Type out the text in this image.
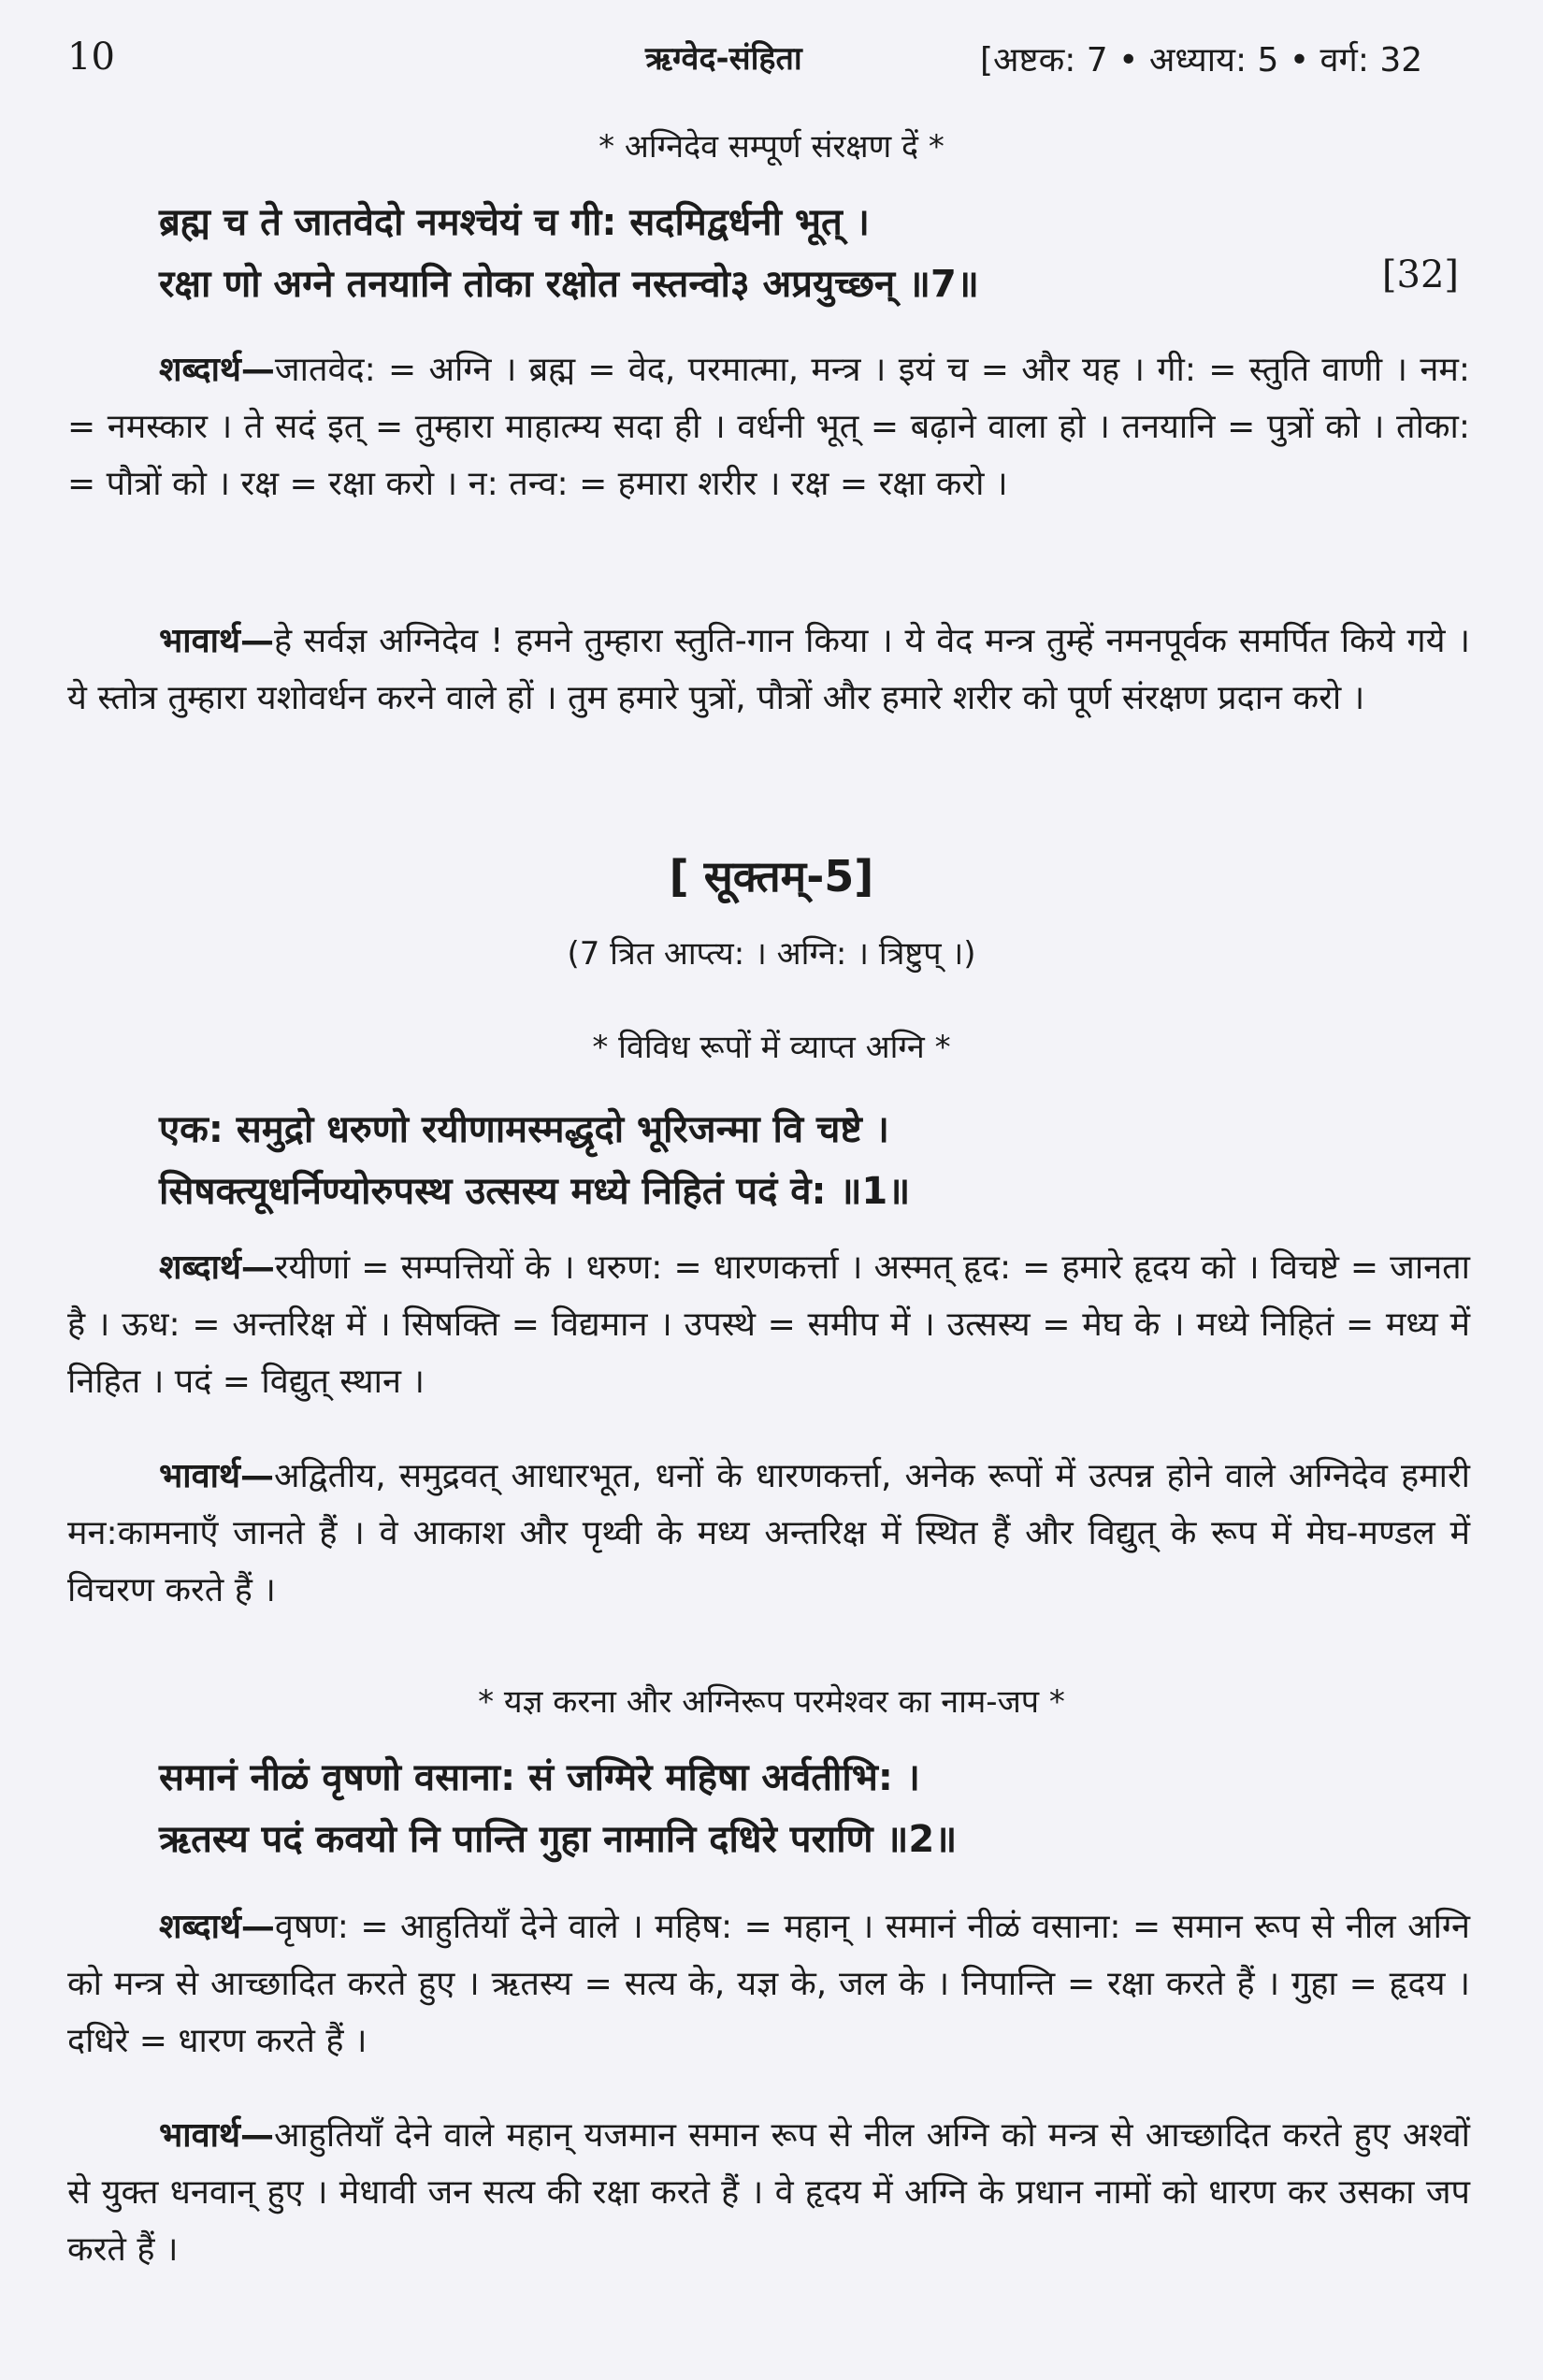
10	ऋग्वेद-संहिता	[अष्टक: 7 • अध्याय: 5 • वर्ग: 32
* अग्निदेव सम्पूर्ण संरक्षण दें *
ब्रह्म च ते जातवेदो नमश्चेयं च गी: सदमिद्वर्धनी भूत् ।
रक्षा णो अग्ने तनयानि तोका रक्षोत नस्तन्वो३ अप्रयुच्छन् ॥7॥	[32]
शब्दार्थ—जातवेद: = अग्नि । ब्रह्म = वेद, परमात्मा, मन्त्र । इयं च = और यह । गी: = स्तुति वाणी । नम: = नमस्कार । ते सदं इत् = तुम्हारा माहात्म्य सदा ही । वर्धनी भूत् = बढ़ाने वाला हो । तनयानि = पुत्रों को । तोका: = पौत्रों को । रक्ष = रक्षा करो । न: तन्व: = हमारा शरीर । रक्ष = रक्षा करो ।
भावार्थ—हे सर्वज्ञ अग्निदेव ! हमने तुम्हारा स्तुति-गान किया । ये वेद मन्त्र तुम्हें नमनपूर्वक समर्पित किये गये । ये स्तोत्र तुम्हारा यशोवर्धन करने वाले हों । तुम हमारे पुत्रों, पौत्रों और हमारे शरीर को पूर्ण संरक्षण प्रदान करो ।
[ सूक्तम्-5]
(7 त्रित आप्त्य: । अग्नि: । त्रिष्टुप् ।)
* विविध रूपों में व्याप्त अग्नि *
एक: समुद्रो धरुणो रयीणामस्मद्धृदो भूरिजन्मा वि चष्टे ।
सिषक्त्यूधर्निण्योरुपस्थ उत्सस्य मध्ये निहितं पदं वे: ॥1॥
शब्दार्थ—रयीणां = सम्पत्तियों के । धरुण: = धारणकर्त्ता । अस्मत् हृद: = हमारे हृदय को । विचष्टे = जानता है । ऊध: = अन्तरिक्ष में । सिषक्ति = विद्यमान । उपस्थे = समीप में । उत्सस्य = मेघ के । मध्ये निहितं = मध्य में निहित । पदं = विद्युत् स्थान ।
भावार्थ—अद्वितीय, समुद्रवत् आधारभूत, धनों के धारणकर्त्ता, अनेक रूपों में उत्पन्न होने वाले अग्निदेव हमारी मन:कामनाएँ जानते हैं । वे आकाश और पृथ्वी के मध्य अन्तरिक्ष में स्थित हैं और विद्युत् के रूप में मेघ-मण्डल में विचरण करते हैं ।
* यज्ञ करना और अग्निरूप परमेश्वर का नाम-जप *
समानं नीळं वृषणो वसाना: सं जग्मिरे महिषा अर्वतीभि: ।
ऋतस्य पदं कवयो नि पान्ति गुहा नामानि दधिरे पराणि ॥2॥
शब्दार्थ—वृषण: = आहुतियाँ देने वाले । महिष: = महान् । समानं नीळं वसाना: = समान रूप से नील अग्नि को मन्त्र से आच्छादित करते हुए । ऋतस्य = सत्य के, यज्ञ के, जल के । निपान्ति = रक्षा करते हैं । गुहा = हृदय । दधिरे = धारण करते हैं ।
भावार्थ—आहुतियाँ देने वाले महान् यजमान समान रूप से नील अग्नि को मन्त्र से आच्छादित करते हुए अश्वों से युक्त धनवान् हुए । मेधावी जन सत्य की रक्षा करते हैं । वे हृदय में अग्नि के प्रधान नामों को धारण कर उसका जप करते हैं ।
